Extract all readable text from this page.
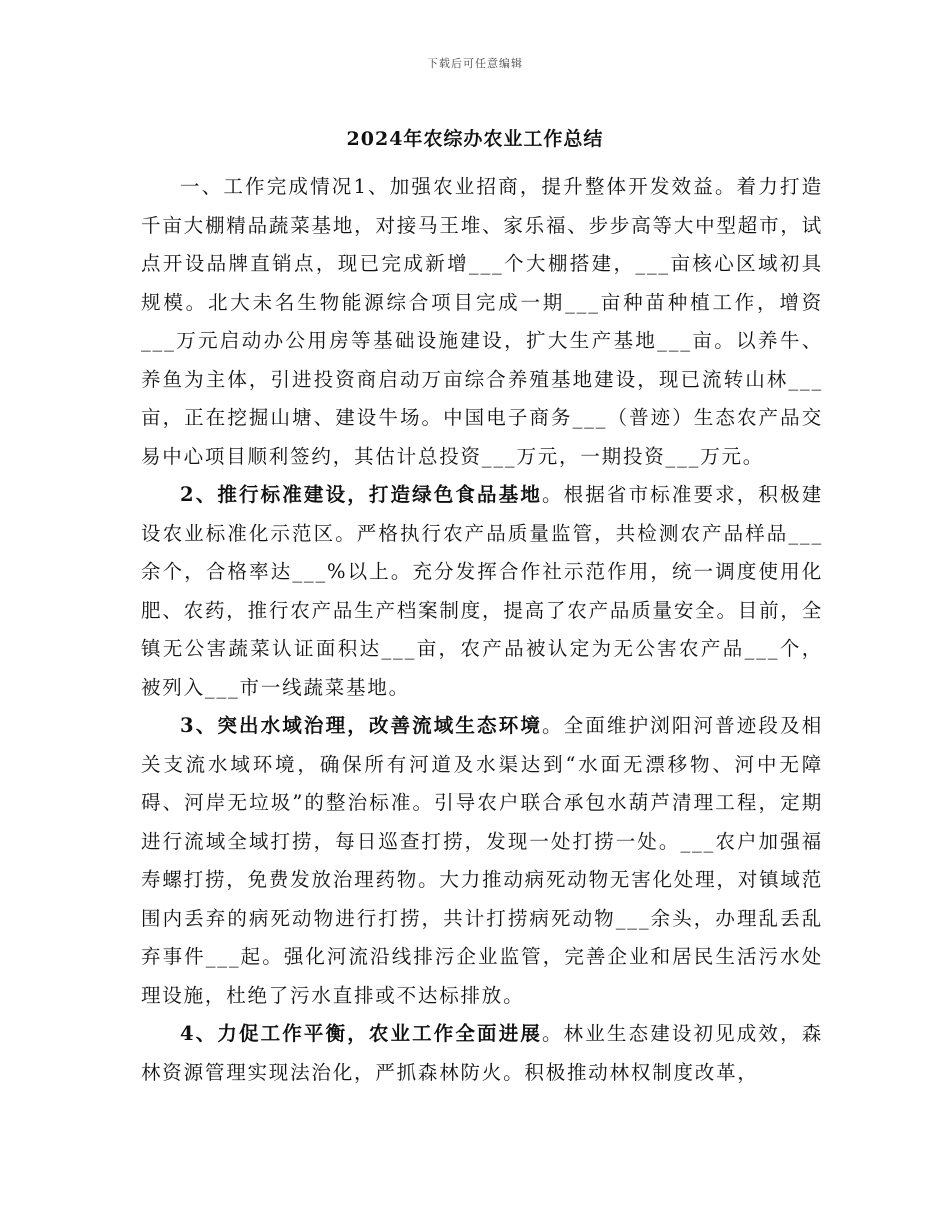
下载后可任意编辑
2024年农综办农业工作总结

一、工作完成情况1、加强农业招商，提升整体开发效益。着力打造千亩大棚精品蔬菜基地，对接马王堆、家乐福、步步高等大中型超市，试点开设品牌直销点，现已完成新增___个大棚搭建，___亩核心区域初具规模。北大未名生物能源综合项目完成一期___亩种苗种植工作，增资___万元启动办公用房等基础设施建设，扩大生产基地___亩。以养牛、养鱼为主体，引进投资商启动万亩综合养殖基地建设，现已流转山林___亩，正在挖掘山塘、建设牛场。中国电子商务___（普迹）生态农产品交易中心项目顺利签约，其估计总投资___万元，一期投资___万元。

2、推行标准建设，打造绿色食品基地。根据省市标准要求，积极建设农业标准化示范区。严格执行农产品质量监管，共检测农产品样品___余个，合格率达___%以上。充分发挥合作社示范作用，统一调度使用化肥、农药，推行农产品生产档案制度，提高了农产品质量安全。目前，全镇无公害蔬菜认证面积达___亩，农产品被认定为无公害农产品___个，被列入___市一线蔬菜基地。

3、突出水域治理，改善流域生态环境。全面维护浏阳河普迹段及相关支流水域环境，确保所有河道及水渠达到“水面无漂移物、河中无障碍、河岸无垃圾”的整治标准。引导农户联合承包水葫芦清理工程，定期进行流域全域打捞，每日巡查打捞，发现一处打捞一处。___农户加强福寿螺打捞，免费发放治理药物。大力推动病死动物无害化处理，对镇域范围内丢弃的病死动物进行打捞，共计打捞病死动物___余头，办理乱丢乱弃事件___起。强化河流沿线排污企业监管，完善企业和居民生活污水处理设施，杜绝了污水直排或不达标排放。

4、力促工作平衡，农业工作全面进展。林业生态建设初见成效，森林资源管理实现法治化，严抓森林防火。积极推动林权制度改革，
